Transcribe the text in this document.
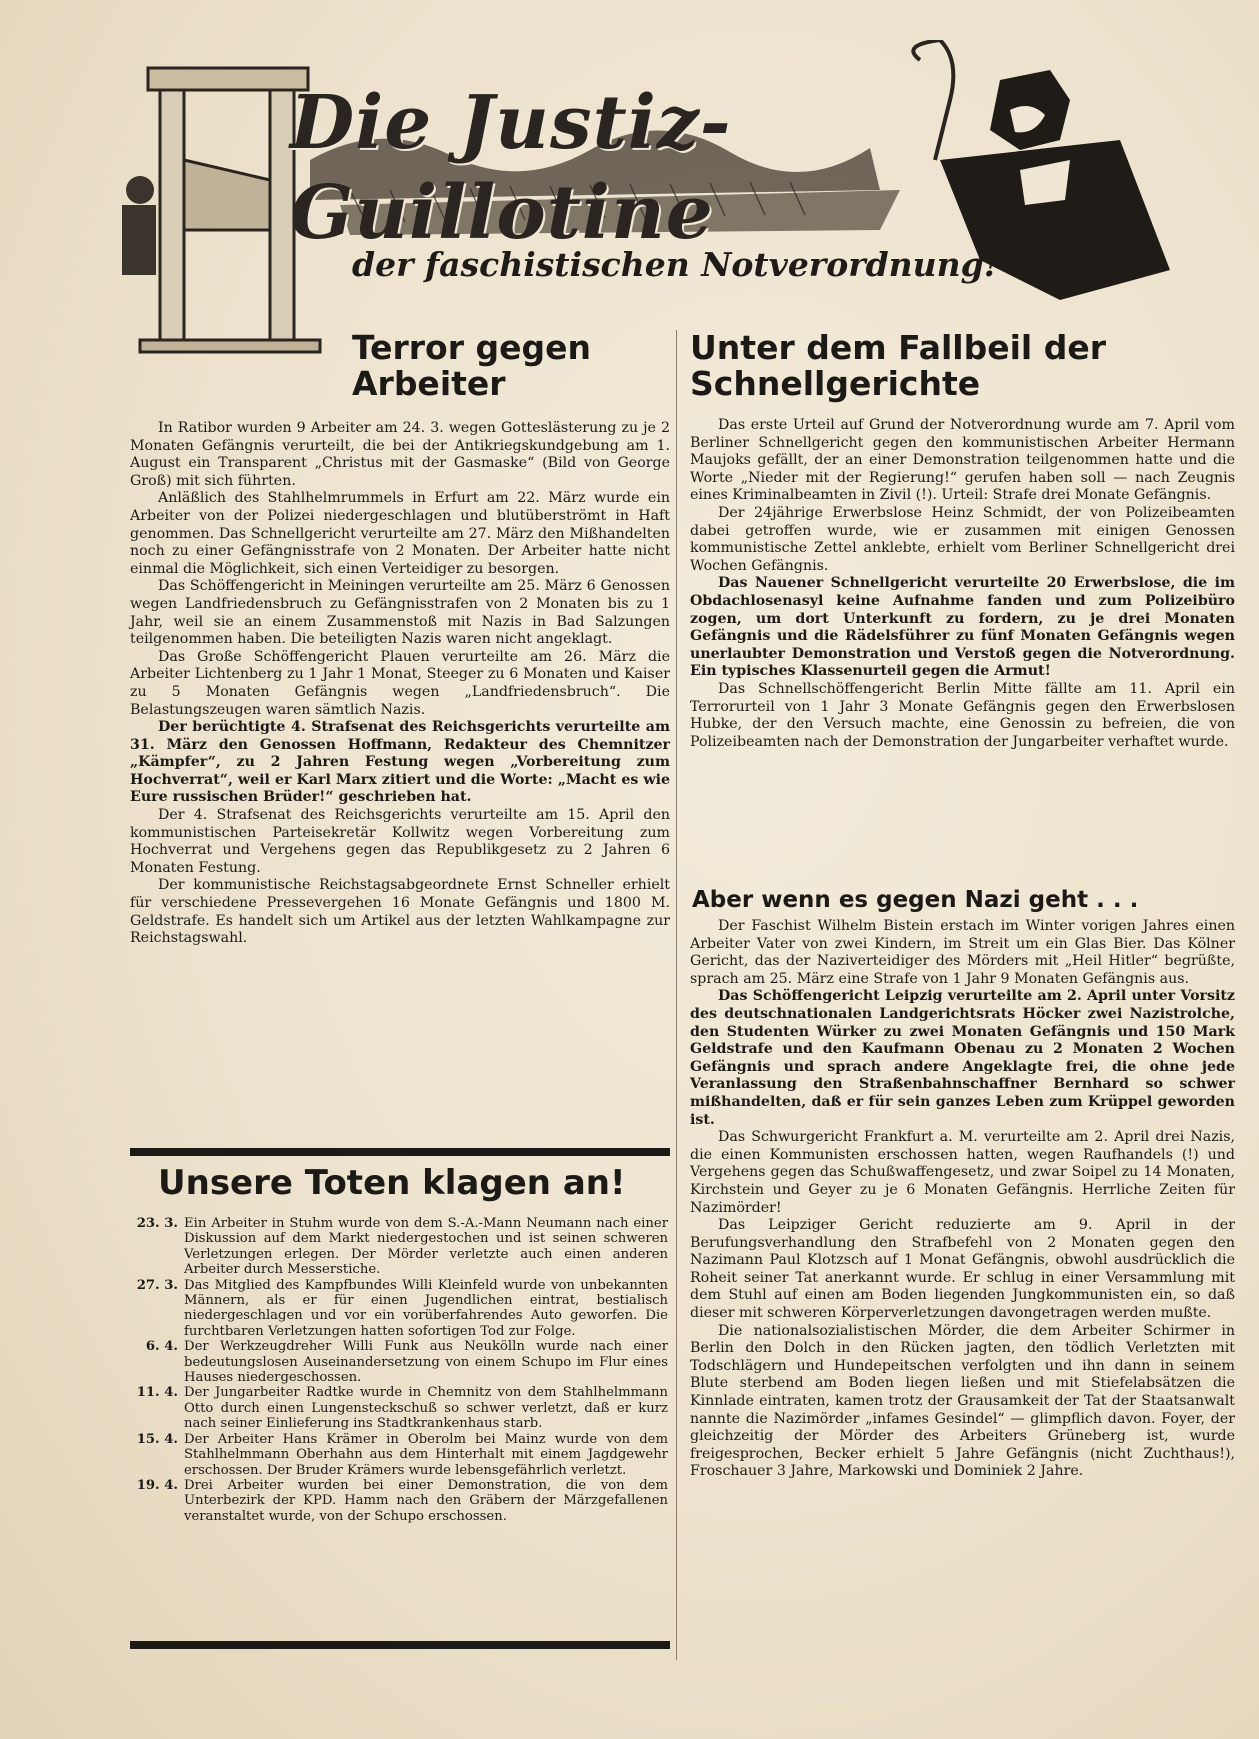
Die Justiz-Guillotine
der faschistischen Notverordnung!
Terror gegen Arbeiter
Unter dem Fallbeil der Schnellgerichte

In Ratibor wurden 9 Arbeiter am 24. 3. wegen Gotteslästerung zu je 2 Monaten Gefängnis verurteilt, die bei der Antikriegskundgebung am 1. August ein Transparent „Christus mit der Gasmaske“ (Bild von George Groß) mit sich führten.

Anläßlich des Stahlhelmrummels in Erfurt am 22. März wurde ein Arbeiter von der Polizei niedergeschlagen und blutüberströmt in Haft genommen. Das Schnellgericht verurteilte am 27. März den Mißhandelten noch zu einer Gefängnisstrafe von 2 Monaten. Der Arbeiter hatte nicht einmal die Möglichkeit, sich einen Verteidiger zu besorgen.

Das Schöffengericht in Meiningen verurteilte am 25. März 6 Genossen wegen Landfriedensbruch zu Gefängnisstrafen von 2 Monaten bis zu 1 Jahr, weil sie an einem Zusammenstoß mit Nazis in Bad Salzungen teilgenommen haben. Die beteiligten Nazis waren nicht angeklagt.

Das Große Schöffengericht Plauen verurteilte am 26. März die Arbeiter Lichtenberg zu 1 Jahr 1 Monat, Steeger zu 6 Monaten und Kaiser zu 5 Monaten Gefängnis wegen „Landfriedensbruch“. Die Belastungszeugen waren sämtlich Nazis.

Der berüchtigte 4. Strafsenat des Reichsgerichts verurteilte am 31. März den Genossen Hoffmann, Redakteur des Chemnitzer „Kämpfer“, zu 2 Jahren Festung wegen „Vorbereitung zum Hochverrat“, weil er Karl Marx zitiert und die Worte: „Macht es wie Eure russischen Brüder!“ geschrieben hat.

Der 4. Strafsenat des Reichsgerichts verurteilte am 15. April den kommunistischen Parteisekretär Kollwitz wegen Vorbereitung zum Hochverrat und Vergehens gegen das Republikgesetz zu 2 Jahren 6 Monaten Festung.

Der kommunistische Reichstagsabgeordnete Ernst Schneller erhielt für verschiedene Pressevergehen 16 Monate Gefängnis und 1800 M. Geldstrafe. Es handelt sich um Artikel aus der letzten Wahlkampagne zur Reichstagswahl.

Unsere Toten klagen an!
23. 3. Ein Arbeiter in Stuhm wurde von dem S.-A.-Mann Neumann nach einer Diskussion auf dem Markt niedergestochen und ist seinen schweren Verletzungen erlegen. Der Mörder verletzte auch einen anderen Arbeiter durch Messerstiche.
27. 3. Das Mitglied des Kampfbundes Willi Kleinfeld wurde von unbekannten Männern, als er für einen Jugendlichen eintrat, bestialisch niedergeschlagen und vor ein vorüberfahrendes Auto geworfen. Die furchtbaren Verletzungen hatten sofortigen Tod zur Folge.
6. 4. Der Werkzeugdreher Willi Funk aus Neukölln wurde nach einer bedeutungslosen Auseinandersetzung von einem Schupo im Flur eines Hauses niedergeschossen.
11. 4. Der Jungarbeiter Radtke wurde in Chemnitz von dem Stahlhelmmann Otto durch einen Lungensteckschuß so schwer verletzt, daß er kurz nach seiner Einlieferung ins Stadtkrankenhaus starb.
15. 4. Der Arbeiter Hans Krämer in Oberolm bei Mainz wurde von dem Stahlhelmmann Oberhahn aus dem Hinterhalt mit einem Jagdgewehr erschossen. Der Bruder Krämers wurde lebensgefährlich verletzt.
19. 4. Drei Arbeiter wurden bei einer Demonstration, die von dem Unterbezirk der KPD. Hamm nach den Gräbern der Märzgefallenen veranstaltet wurde, von der Schupo erschossen.

Das erste Urteil auf Grund der Notverordnung wurde am 7. April vom Berliner Schnellgericht gegen den kommunistischen Arbeiter Hermann Maujoks gefällt, der an einer Demonstration teilgenommen hatte und die Worte „Nieder mit der Regierung!“ gerufen haben soll — nach Zeugnis eines Kriminalbeamten in Zivil (!). Urteil: Strafe drei Monate Gefängnis.

Der 24jährige Erwerbslose Heinz Schmidt, der von Polizeibeamten dabei getroffen wurde, wie er zusammen mit einigen Genossen kommunistische Zettel anklebte, erhielt vom Berliner Schnellgericht drei Wochen Gefängnis.

Das Nauener Schnellgericht verurteilte 20 Erwerbslose, die im Obdachlosenasyl keine Aufnahme fanden und zum Polizeibüro zogen, um dort Unterkunft zu fordern, zu je drei Monaten Gefängnis und die Rädelsführer zu fünf Monaten Gefängnis wegen unerlaubter Demonstration und Verstoß gegen die Notverordnung. Ein typisches Klassenurteil gegen die Armut!

Das Schnellschöffengericht Berlin Mitte fällte am 11. April ein Terrorurteil von 1 Jahr 3 Monate Gefängnis gegen den Erwerbslosen Hubke, der den Versuch machte, eine Genossin zu befreien, die von Polizeibeamten nach der Demonstration der Jungarbeiter verhaftet wurde.

Aber wenn es gegen Nazi geht . . .

Der Faschist Wilhelm Bistein erstach im Winter vorigen Jahres einen Arbeiter Vater von zwei Kindern, im Streit um ein Glas Bier. Das Kölner Gericht, das der Naziverteidiger des Mörders mit „Heil Hitler“ begrüßte, sprach am 25. März eine Strafe von 1 Jahr 9 Monaten Gefängnis aus.

Das Schöffengericht Leipzig verurteilte am 2. April unter Vorsitz des deutschnationalen Landgerichtsrats Höcker zwei Nazistrolche, den Studenten Würker zu zwei Monaten Gefängnis und 150 Mark Geldstrafe und den Kaufmann Obenau zu 2 Monaten 2 Wochen Gefängnis und sprach andere Angeklagte frei, die ohne jede Veranlassung den Straßenbahnschaffner Bernhard so schwer mißhandelten, daß er für sein ganzes Leben zum Krüppel geworden ist.

Das Schwurgericht Frankfurt a. M. verurteilte am 2. April drei Nazis, die einen Kommunisten erschossen hatten, wegen Raufhandels (!) und Vergehens gegen das Schußwaffengesetz, und zwar Soipel zu 14 Monaten, Kirchstein und Geyer zu je 6 Monaten Gefängnis. Herrliche Zeiten für Nazimörder!

Das Leipziger Gericht reduzierte am 9. April in der Berufungsverhandlung den Strafbefehl von 2 Monaten gegen den Nazimann Paul Klotzsch auf 1 Monat Gefängnis, obwohl ausdrücklich die Roheit seiner Tat anerkannt wurde. Er schlug in einer Versammlung mit dem Stuhl auf einen am Boden liegenden Jungkommunisten ein, so daß dieser mit schweren Körperverletzungen davongetragen werden mußte.

Die nationalsozialistischen Mörder, die dem Arbeiter Schirmer in Berlin den Dolch in den Rücken jagten, den tödlich Verletzten mit Todschlägern und Hundepeitschen verfolgten und ihn dann in seinem Blute sterbend am Boden liegen ließen und mit Stiefelabsätzen die Kinnlade eintraten, kamen trotz der Grausamkeit der Tat der Staatsanwalt nannte die Nazimörder „infames Gesindel“ — glimpflich davon. Foyer, der gleichzeitig der Mörder des Arbeiters Grüneberg ist, wurde freigesprochen, Becker erhielt 5 Jahre Gefängnis (nicht Zuchthaus!), Froschauer 3 Jahre, Markowski und Dominiek 2 Jahre.
